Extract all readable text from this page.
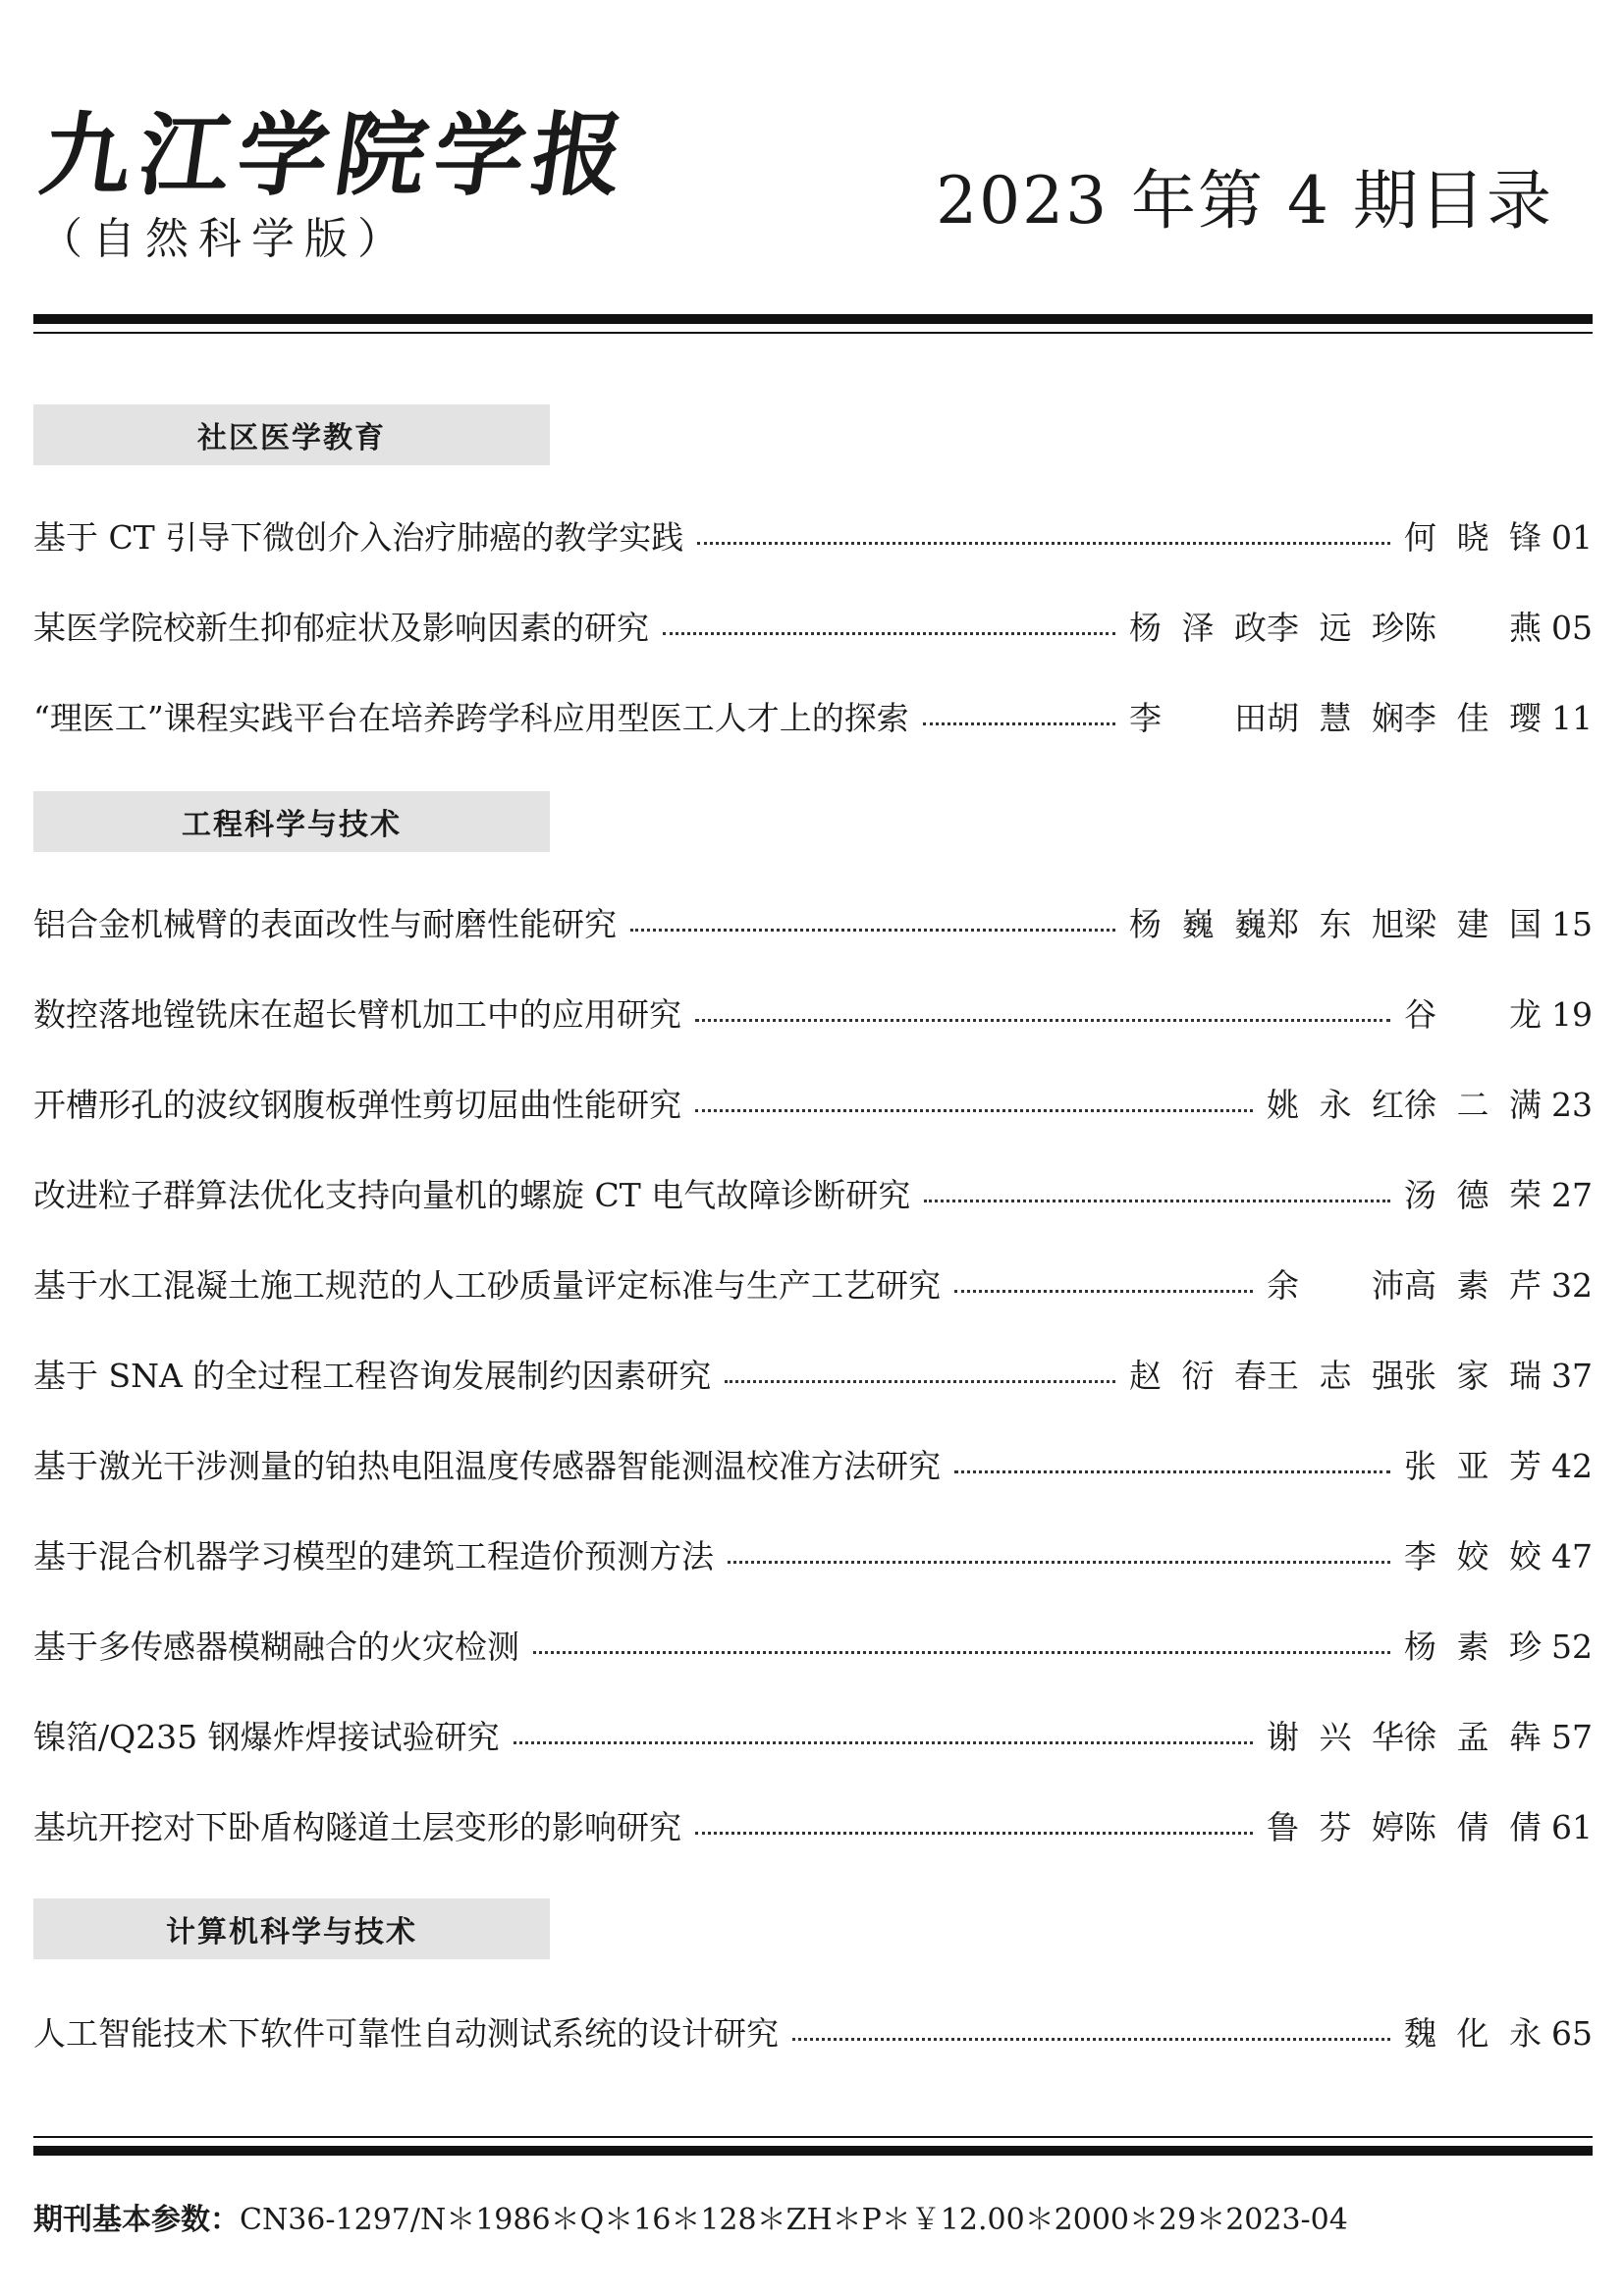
九江学院学报
（自然科学版）
2023 年第 4 期目录
社区医学教育
基于 CT 引导下微创介入治疗肺癌的教学实践	何晓锋 01
某医学院校新生抑郁症状及影响因素的研究	杨泽政 李远珍 陈　燕 05
“理医工”课程实践平台在培养跨学科应用型医工人才上的探索	李　田 胡慧娴 李佳璎 11
工程科学与技术
铝合金机械臂的表面改性与耐磨性能研究	杨巍巍 郑东旭 梁建国 15
数控落地镗铣床在超长臂机加工中的应用研究	谷　龙 19
开槽形孔的波纹钢腹板弹性剪切屈曲性能研究	姚永红 徐二满 23
改进粒子群算法优化支持向量机的螺旋 CT 电气故障诊断研究	汤德荣 27
基于水工混凝土施工规范的人工砂质量评定标准与生产工艺研究	余　沛 高素芹 32
基于 SNA 的全过程工程咨询发展制约因素研究	赵衍春 王志强 张家瑞 37
基于激光干涉测量的铂热电阻温度传感器智能测温校准方法研究	张亚芳 42
基于混合机器学习模型的建筑工程造价预测方法	李姣姣 47
基于多传感器模糊融合的火灾检测	杨素珍 52
镍箔/Q235 钢爆炸焊接试验研究	谢兴华 徐孟犇 57
基坑开挖对下卧盾构隧道土层变形的影响研究	鲁芬婷 陈倩倩 61
计算机科学与技术
人工智能技术下软件可靠性自动测试系统的设计研究	魏化永 65
期刊基本参数：CN36-1297/N＊1986＊Q＊16＊128＊ZH＊P＊￥12.00＊2000＊29＊2023-04
